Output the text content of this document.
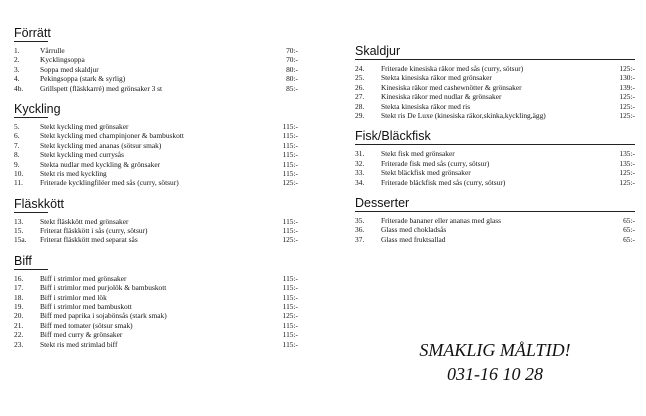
Förrätt
1.	Vårrulle	70:-
2.	Kycklingsoppa	70:-
3.	Soppa med skaldjur	80:-
4.	Pekingsoppa (stark & syrlig)	80:-
4b. Grillspett (fläskkarré) med grönsaker 3 st	85:-
Kyckling
5.	Stekt kyckling med grönsaker	115:-
6.	Stekt kyckling med champinjoner & bambuskott	115:-
7.	Stekt kyckling med ananas (sötsur smak)	115:-
8.	Stekt kyckling med currysås	115:-
9.	Stekta nudlar med kyckling & grönsaker	115:-
10. Stekt ris med kyckling	115:-
11. Friterade kycklingfiléer med sås (curry, sötsur)	125:-
Fläskkött
13. Stekt fläskkött med grönsaker	115:-
15. Friterat fläskkött i sås (curry, sötsur)	115:-
15a. Friterat fläskkött med separat sås	125:-
Biff
16. Biff i strimlor med grönsaker	115:-
17. Biff i strimlor med purjolök & bambuskott	115:-
18. Biff i strimlor med lök	115:-
19. Biff i strimlor med bambuskott	115:-
20. Biff med paprika i sojabönsås (stark smak)	125:-
21. Biff med tomater (sötsur smak)	115:-
22. Biff med curry & grönsaker	115:-
23. Stekt ris med strimlad biff	115:-
Skaldjur
24. Friterade kinesiska räkor med sås (curry, sötsur)	125:-
25. Stekta kinesiska räkor med grönsaker	130:-
26. Kinesiska räkor med cashewnötter & grönsaker	139:-
27. Kinesiska räkor med nudlar & grönsaker	125:-
28. Stekta kinesiska räkor med ris	125:-
29. Stekt ris De Luxe (kinesiska räkor,skinka,kyckling,ägg)	125:-
Fisk/Bläckfisk
31. Stekt fisk med grönsaker	135:-
32. Friterade fisk med sås (curry, sötsur)	135:-
33. Stekt bläckfisk med grönsaker	125:-
34. Friterade bläckfisk med sås (curry, sötsur)	125:-
Desserter
35. Friterade bananer eller ananas med glass	65:-
36. Glass med chokladsås	65:-
37. Glass med fruktsallad	65:-
SMAKLIG MÅLTID!
031-16 10 28
